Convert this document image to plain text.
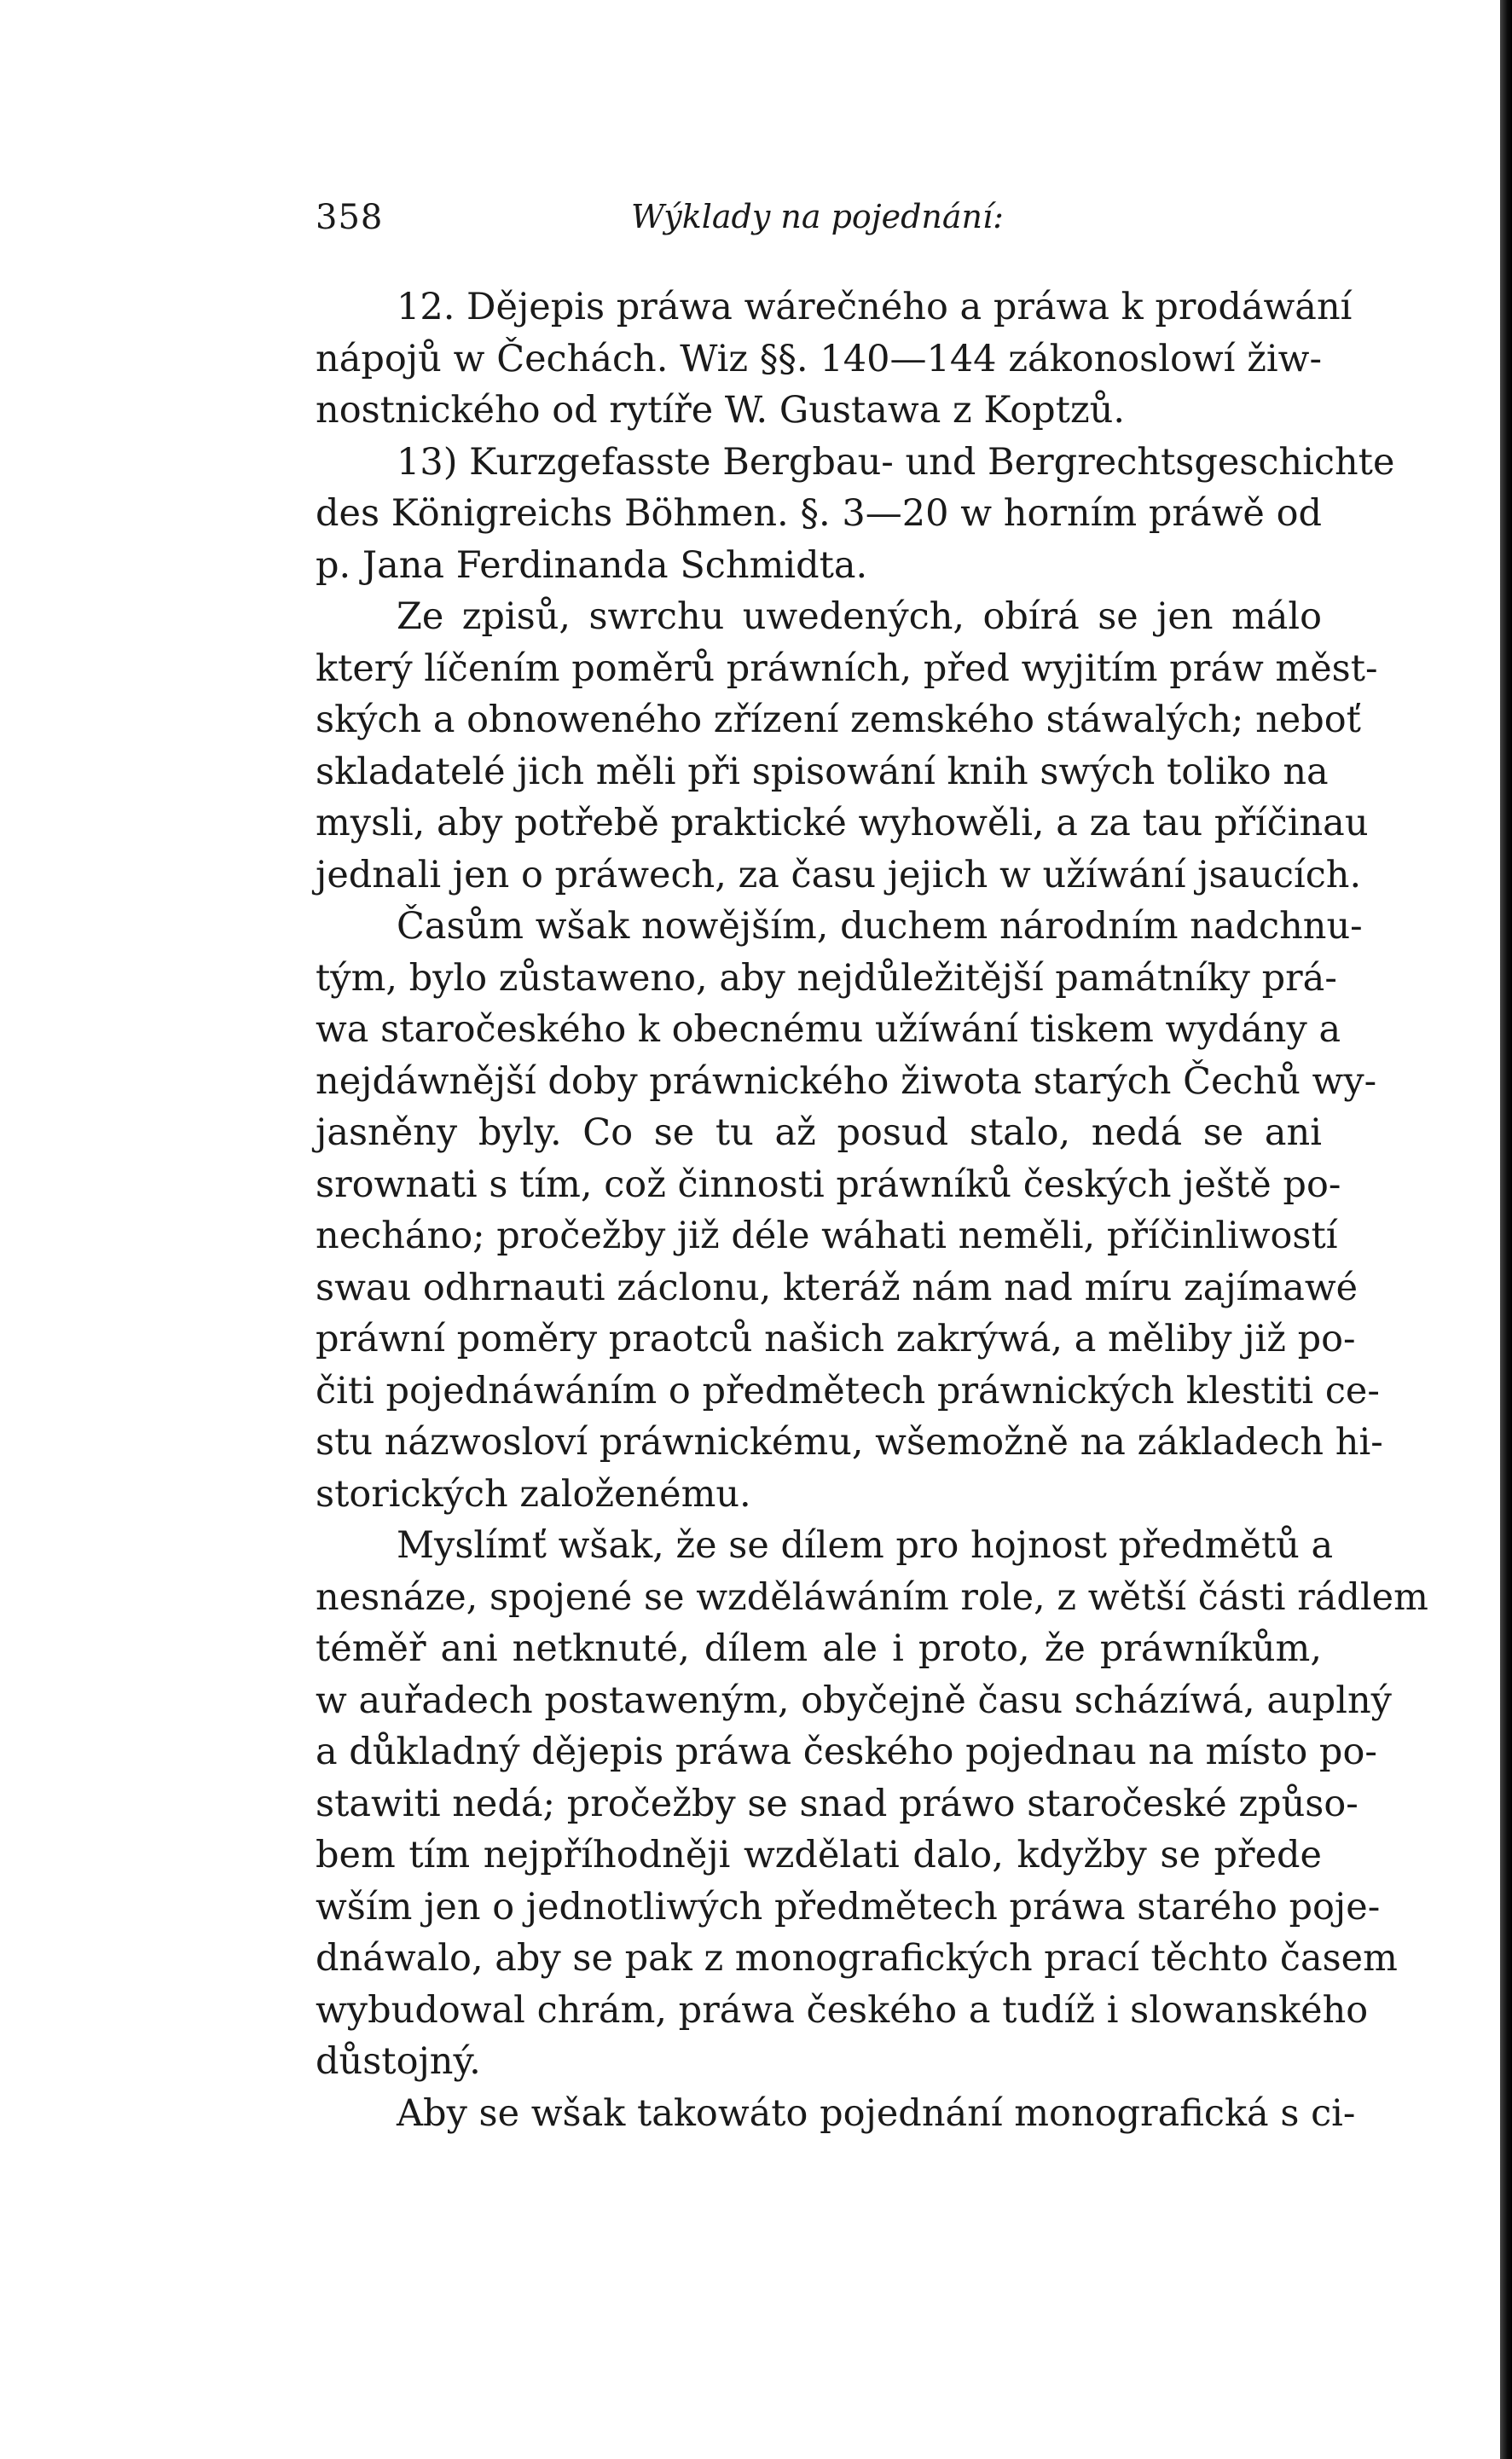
358	Wýklady na pojednání:
12. Dějepis práwa wárečného a práwa k prodáwání
nápojů w Čechách. Wiz §§. 140—144 zákonoslowí žiw-
nostnického od rytíře W. Gustawa z Koptzů.
13) Kurzgefasste Bergbau- und Bergrechtsgeschichte
des Königreichs Böhmen. §. 3—20 w horním práwě od
p. Jana Ferdinanda Schmidta.
Ze zpisů, swrchu uwedených, obírá se jen málo
který líčením poměrů práwních, před wyjitím práw měst-
ských a obnoweného zřízení zemského stáwalých; neboť
skladatelé jich měli při spisowání knih swých toliko na
mysli, aby potřebě praktické wyhowěli, a za tau příčinau
jednali jen o práwech, za času jejich w užíwání jsaucích.
Časům wšak nowějším, duchem národním nadchnu-
tým, bylo zůstaweno, aby nejdůležitější památníky prá-
wa staročeského k obecnému užíwání tiskem wydány a
nejdáwnější doby práwnického žiwota starých Čechů wy-
jasněny byly. Co se tu až posud stalo, nedá se ani
srownati s tím, což činnosti práwníků českých ještě po-
necháno; pročežby již déle wáhati neměli, příčinliwostí
swau odhrnauti záclonu, kteráž nám nad míru zajímawé
práwní poměry praotců našich zakrýwá, a měliby již po-
čiti pojednáwáním o předmětech práwnických klestiti ce-
stu názwosloví práwnickému, wšemožně na základech hi-
storických založenému.
Myslímť wšak, že se dílem pro hojnost předmětů a
nesnáze, spojené se wzděláwáním role, z wětší části rádlem
téměř ani netknuté, dílem ale i proto, že práwníkům,
w auřadech postaweným, obyčejně času scházíwá, auplný
a důkladný dějepis práwa českého pojednau na místo po-
stawiti nedá; pročežby se snad práwo staročeské způso-
bem tím nejpříhodněji wzdělati dalo, kdyžby se přede
wším jen o jednotliwých předmětech práwa starého poje-
dnáwalo, aby se pak z monografických prací těchto časem
wybudowal chrám, práwa českého a tudíž i slowanského
důstojný.
Aby se wšak takowáto pojednání monografická s ci-
